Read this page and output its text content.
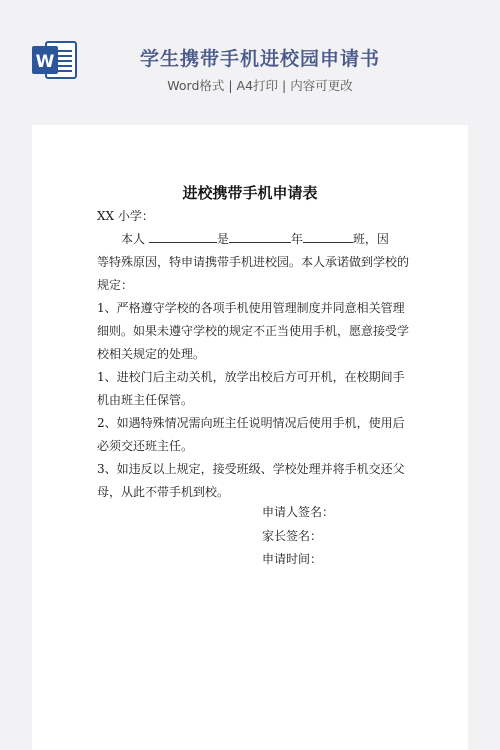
W	学生携带手机进校园申请书
Word格式 | A4打印 | 内容可更改
进校携带手机申请表
XX 小学：
本人	是	年	班，因
等特殊原因，特申请携带手机进校园。本人承诺做到学校的
规定：
1、严格遵守学校的各项手机使用管理制度并同意相关管理
细则。如果未遵守学校的规定不正当使用手机，愿意接受学
校相关规定的处理。
1、进校门后主动关机，放学出校后方可开机，在校期间手
机由班主任保管。
2、如遇特殊情况需向班主任说明情况后使用手机，使用后
必须交还班主任。
3、如违反以上规定，接受班级、学校处理并将手机交还父
母，从此不带手机到校。
申请人签名：
家长签名：
申请时间：
